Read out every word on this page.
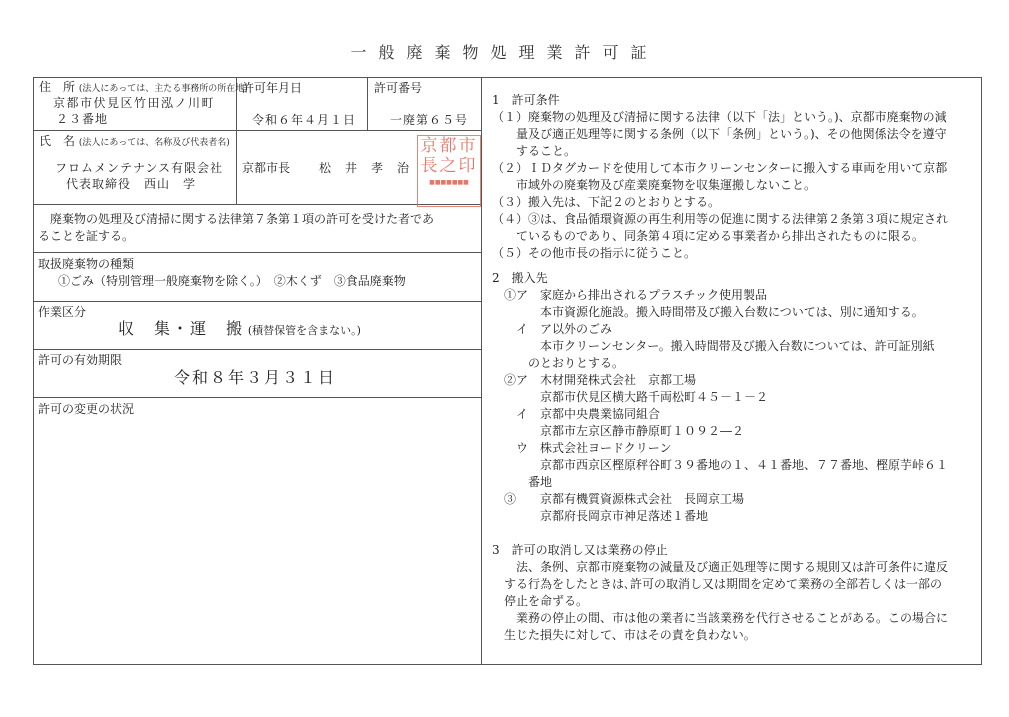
一般廃棄物処理業許可証
住　所 (法人にあっては、主たる事務所の所在地)
京都市伏見区竹田泓ノ川町
２３番地
許可年月日
令和６年４月１日
許可番号
一廃第６５号
氏　名 (法人にあっては、名称及び代表者名)
フロムメンテナンス有限会社
代表取締役　西山　学
京都市長 松　井　孝　治
京都市
長之印
■■■■■■■
　廃棄物の処理及び清掃に関する法律第７条第１項の許可を受けた者であ
ることを証する。
取扱廃棄物の種類
①ごみ（特別管理一般廃棄物を除く。）　②木くず　③食品廃棄物
作業区分
収　集・運　搬 (積替保管を含まない。)
許可の有効期限
令和８年３月３１日
許可の変更の状況
1　許可条件
（１）廃棄物の処理及び清掃に関する法律（以下「法」という。)、京都市廃棄物の減
　　量及び適正処理等に関する条例（以下「条例」という。)、その他関係法令を遵守
　　すること。
（２）ＩＤタグカードを使用して本市クリーンセンターに搬入する車両を用いて京都
　　市域外の廃棄物及び産業廃棄物を収集運搬しないこと。
（３）搬入先は、下記２のとおりとする。
（４）③は、食品循環資源の再生利用等の促進に関する法律第２条第３項に規定され
　　ているものであり、同条第４項に定める事業者から排出されたものに限る。
（５）その他市長の指示に従うこと。
2　搬入先
　①ア　家庭から排出されるプラスチック使用製品
　　　　本市資源化施設。搬入時間帯及び搬入台数については、別に通知する。
　　イ　ア以外のごみ
　　　　本市クリーンセンター。搬入時間帯及び搬入台数については、許可証別紙
　　　のとおりとする。
　②ア　木材開発株式会社　京都工場
　　　　京都市伏見区横大路千両松町４５－１－２
　　イ　京都中央農業協同組合
　　　　京都市左京区静市静原町１０９２―２
　　ウ　株式会社ヨードクリーン
　　　　京都市西京区樫原秤谷町３９番地の１、４１番地、７７番地、樫原芋峠６１
　　　番地
　③　　京都有機質資源株式会社　長岡京工場
　　　　京都府長岡京市神足落述１番地
3　許可の取消し又は業務の停止
　　法、条例、京都市廃棄物の減量及び適正処理等に関する規則又は許可条件に違反
　する行為をしたときは､許可の取消し又は期間を定めて業務の全部若しくは一部の
　停止を命ずる。
　　業務の停止の間、市は他の業者に当該業務を代行させることがある。この場合に
　生じた損失に対して、市はその責を負わない。
